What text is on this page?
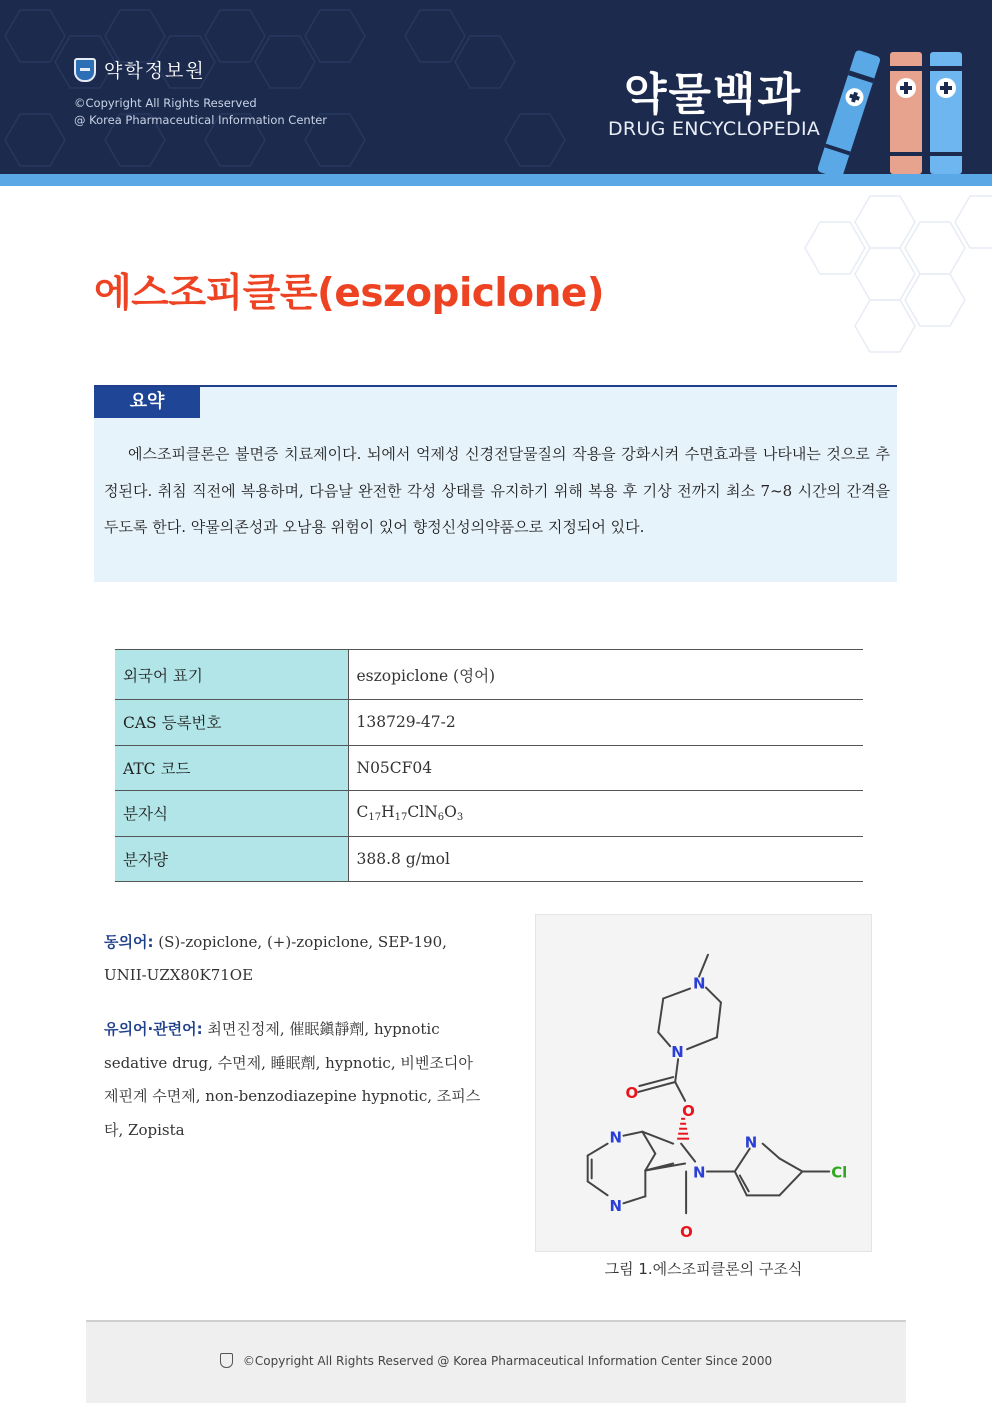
약학정보원
©Copyright All Rights Reserved
@ Korea Pharmaceutical Information Center	약물백과
DRUG ENCYCLOPEDIA
에스조피클론(eszopiclone)
요약

에스조피클론은 불면증 치료제이다. 뇌에서 억제성 신경전달물질의 작용을 강화시켜 수면효과를 나타내는 것으로 추정된다. 취침 직전에 복용하며, 다음날 완전한 각성 상태를 유지하기 위해 복용 후 기상 전까지 최소 7~8 시간의 간격을 두도록 한다. 약물의존성과 오남용 위험이 있어 향정신성의약품으로 지정되어 있다.

외국어 표기	eszopiclone (영어)
CAS 등록번호	138729-47-2
ATC 코드	N05CF04
분자식	$C_{17}H_{17}ClN_6O_3$
분자량	388.8 g/mol
동의어: (S)-zopiclone, (+)-zopiclone, SEP-190, UNII-UZX80K71OE
유의어·관련어: 최면진정제, 催眠鎭靜劑, hypnotic sedative drug, 수면제, 睡眠劑, hypnotic, 비벤조디아제핀계 수면제, non-benzodiazepine hypnotic, 조피스타, Zopista
N
N
O
O
N
N
N
N
O
Cl
그림 1.에스조피클론의 구조식
©Copyright All Rights Reserved @ Korea Pharmaceutical Information Center Since 2000
